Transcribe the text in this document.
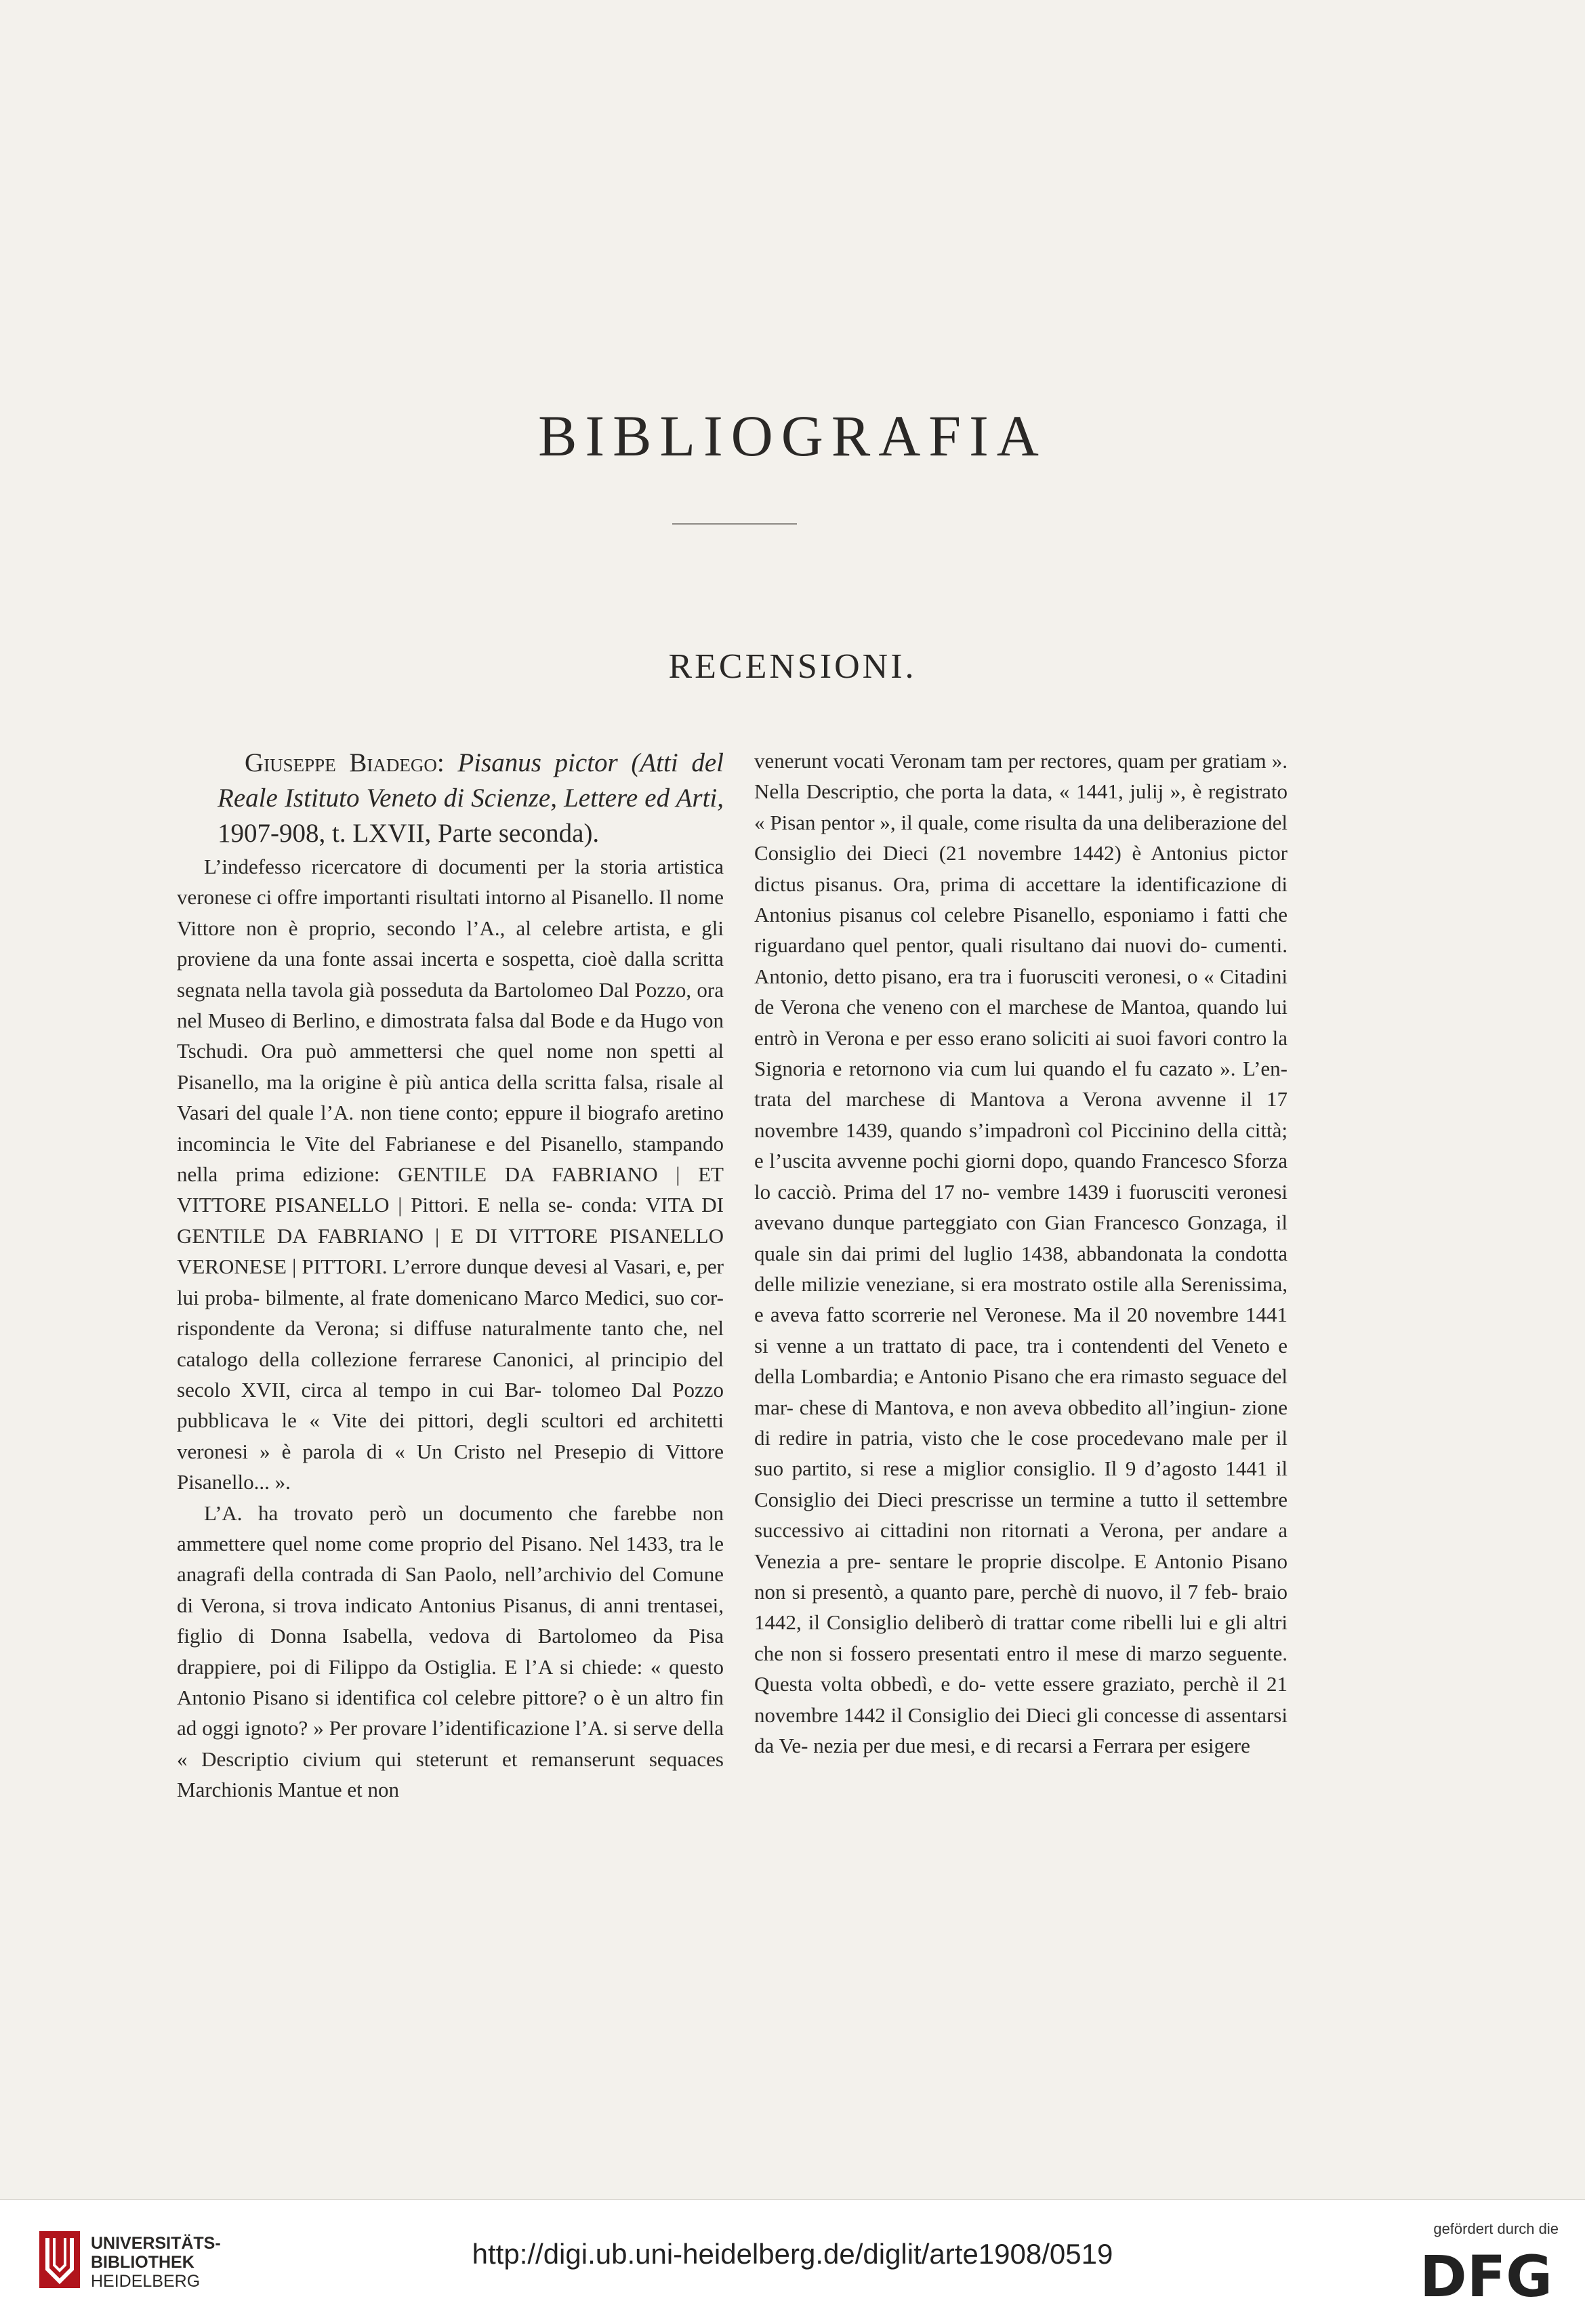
BIBLIOGRAFIA
RECENSIONI.

Giuseppe Biadego: Pisanus pictor (Atti del Reale Istituto Veneto di Scienze, Lettere ed Arti, 1907-908, t. LXVII, Parte seconda).

L’indefesso ricercatore di documenti per la storia artistica veronese ci offre importanti risultati intorno al Pisanello. Il nome Vittore non è proprio, secondo l’A., al celebre artista, e gli proviene da una fonte assai incerta e sospetta, cioè dalla scritta segnata nella tavola già posseduta da Bartolomeo Dal Pozzo, ora nel Museo di Berlino, e dimostrata falsa dal Bode e da Hugo von Tschudi. Ora può ammettersi che quel nome non spetti al Pisanello, ma la origine è più antica della scritta falsa, risale al Vasari del quale l’A. non tiene conto; eppure il biografo aretino incomincia le Vite del Fabrianese e del Pisanello, stampando nella prima edizione: GENTILE DA FABRIANO | ET VITTORE PISANELLO | Pittori. E nella se- conda: VITA DI GENTILE DA FABRIANO | E DI VITTORE PISANELLO VERONESE | PITTORI. L’errore dunque devesi al Vasari, e, per lui proba- bilmente, al frate domenicano Marco Medici, suo cor- rispondente da Verona; si diffuse naturalmente tanto che, nel catalogo della collezione ferrarese Canonici, al principio del secolo XVII, circa al tempo in cui Bar- tolomeo Dal Pozzo pubblicava le « Vite dei pittori, degli scultori ed architetti veronesi » è parola di « Un Cristo nel Presepio di Vittore Pisanello... ».

L’A. ha trovato però un documento che farebbe non ammettere quel nome come proprio del Pisano. Nel 1433, tra le anagrafi della contrada di San Paolo, nell’archivio del Comune di Verona, si trova indicato Antonius Pisanus, di anni trentasei, figlio di Donna Isabella, vedova di Bartolomeo da Pisa drappiere, poi di Filippo da Ostiglia. E l’A si chiede: « questo Antonio Pisano si identifica col celebre pittore? o è un altro fin ad oggi ignoto? » Per provare l’identificazione l’A. si serve della « Descriptio civium qui steterunt et remanserunt sequaces Marchionis Mantue et non

venerunt vocati Veronam tam per rectores, quam per gratiam ». Nella Descriptio, che porta la data, « 1441, julij », è registrato « Pisan pentor », il quale, come risulta da una deliberazione del Consiglio dei Dieci (21 novembre 1442) è Antonius pictor dictus pisanus. Ora, prima di accettare la identificazione di Antonius pisanus col celebre Pisanello, esponiamo i fatti che riguardano quel pentor, quali risultano dai nuovi do- cumenti. Antonio, detto pisano, era tra i fuorusciti veronesi, o « Citadini de Verona che veneno con el marchese de Mantoa, quando lui entrò in Verona e per esso erano soliciti ai suoi favori contro la Signoria e retornono via cum lui quando el fu cazato ». L’en- trata del marchese di Mantova a Verona avvenne il 17 novembre 1439, quando s’impadronì col Piccinino della città; e l’uscita avvenne pochi giorni dopo, quando Francesco Sforza lo cacciò. Prima del 17 no- vembre 1439 i fuorusciti veronesi avevano dunque parteggiato con Gian Francesco Gonzaga, il quale sin dai primi del luglio 1438, abbandonata la condotta delle milizie veneziane, si era mostrato ostile alla Serenissima, e aveva fatto scorrerie nel Veronese. Ma il 20 novembre 1441 si venne a un trattato di pace, tra i contendenti del Veneto e della Lombardia; e Antonio Pisano che era rimasto seguace del mar- chese di Mantova, e non aveva obbedito all’ingiun- zione di redire in patria, visto che le cose procedevano male per il suo partito, si rese a miglior consiglio. Il 9 d’agosto 1441 il Consiglio dei Dieci prescrisse un termine a tutto il settembre successivo ai cittadini non ritornati a Verona, per andare a Venezia a pre- sentare le proprie discolpe. E Antonio Pisano non si presentò, a quanto pare, perchè di nuovo, il 7 feb- braio 1442, il Consiglio deliberò di trattar come ribelli lui e gli altri che non si fossero presentati entro il mese di marzo seguente. Questa volta obbedì, e do- vette essere graziato, perchè il 21 novembre 1442 il Consiglio dei Dieci gli concesse di assentarsi da Ve- nezia per due mesi, e di recarsi a Ferrara per esigere

UNIVERSITÄTS-
BIBLIOTHEK
HEIDELBERG
http://digi.ub.uni-heidelberg.de/diglit/arte1908/0519
gefördert durch die
DFG
